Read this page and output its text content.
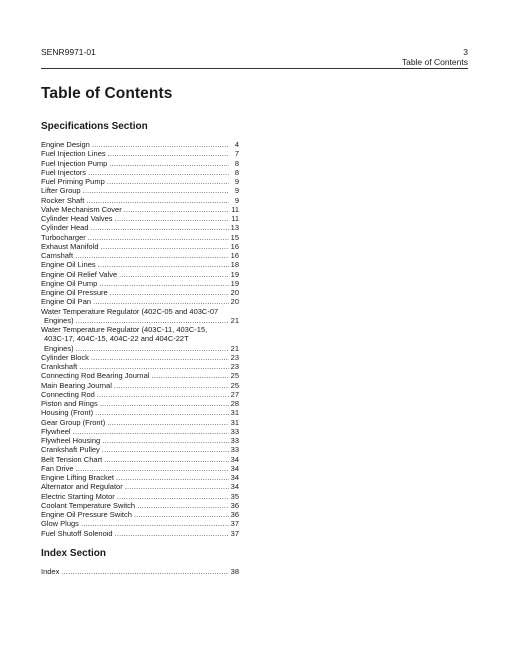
SENR9971-01	3
Table of Contents
Table of Contents
Specifications Section
Engine Design .....	4
Fuel Injection Lines .....	7
Fuel Injection Pump .....	8
Fuel Injectors .....	8
Fuel Priming Pump .....	9
Lifter Group .....	9
Rocker Shaft .....	9
Valve Mechanism Cover .....	11
Cylinder Head Valves .....	11
Cylinder Head .....	13
Turbocharger .....	15
Exhaust Manifold .....	16
Camshaft .....	16
Engine Oil Lines .....	18
Engine Oil Relief Valve .....	19
Engine Oil Pump .....	19
Engine Oil Pressure .....	20
Engine Oil Pan .....	20
Water Temperature Regulator (402C-05 and 403C-07
Engines) .....	21
Water Temperature Regulator (403C-11, 403C-15,
403C-17, 404C-15, 404C-22 and 404C-22T
Engines) .....	21
Cylinder Block .....	23
Crankshaft .....	23
Connecting Rod Bearing Journal .....	25
Main Bearing Journal .....	25
Connecting Rod .....	27
Piston and Rings .....	28
Housing (Front) .....	31
Gear Group (Front) .....	31
Flywheel .....	33
Flywheel Housing .....	33
Crankshaft Pulley .....	33
Belt Tension Chart .....	34
Fan Drive .....	34
Engine Lifting Bracket .....	34
Alternator and Regulator .....	34
Electric Starting Motor .....	35
Coolant Temperature Switch .....	36
Engine Oil Pressure Switch .....	36
Glow Plugs .....	37
Fuel Shutoff Solenoid .....	37
Index Section
Index .....	38
